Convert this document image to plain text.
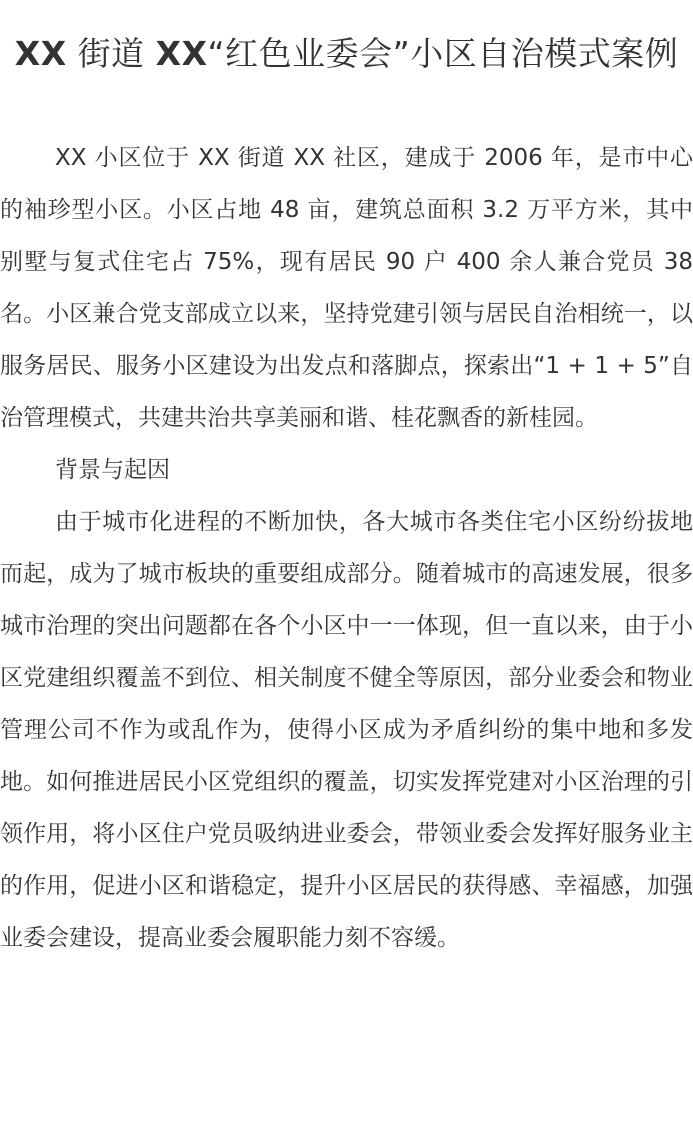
XX 街道 XX“红色业委会”小区自治模式案例

XX 小区位于 XX 街道 XX 社区，建成于 2006 年，是市中心的袖珍型小区。小区占地 48 亩，建筑总面积 3.2 万平方米，其中别墅与复式住宅占 75%，现有居民 90 户 400 余人兼合党员 38 名。小区兼合党支部成立以来，坚持党建引领与居民自治相统一，以服务居民、服务小区建设为出发点和落脚点，探索出“1 + 1 + 5”自治管理模式，共建共治共享美丽和谐、桂花飘香的新桂园。

背景与起因

由于城市化进程的不断加快，各大城市各类住宅小区纷纷拔地而起，成为了城市板块的重要组成部分。随着城市的高速发展，很多城市治理的突出问题都在各个小区中一一体现，但一直以来，由于小区党建组织覆盖不到位、相关制度不健全等原因，部分业委会和物业管理公司不作为或乱作为，使得小区成为矛盾纠纷的集中地和多发地。如何推进居民小区党组织的覆盖，切实发挥党建对小区治理的引领作用，将小区住户党员吸纳进业委会，带领业委会发挥好服务业主的作用，促进小区和谐稳定，提升小区居民的获得感、幸福感，加强业委会建设，提高业委会履职能力刻不容缓。
